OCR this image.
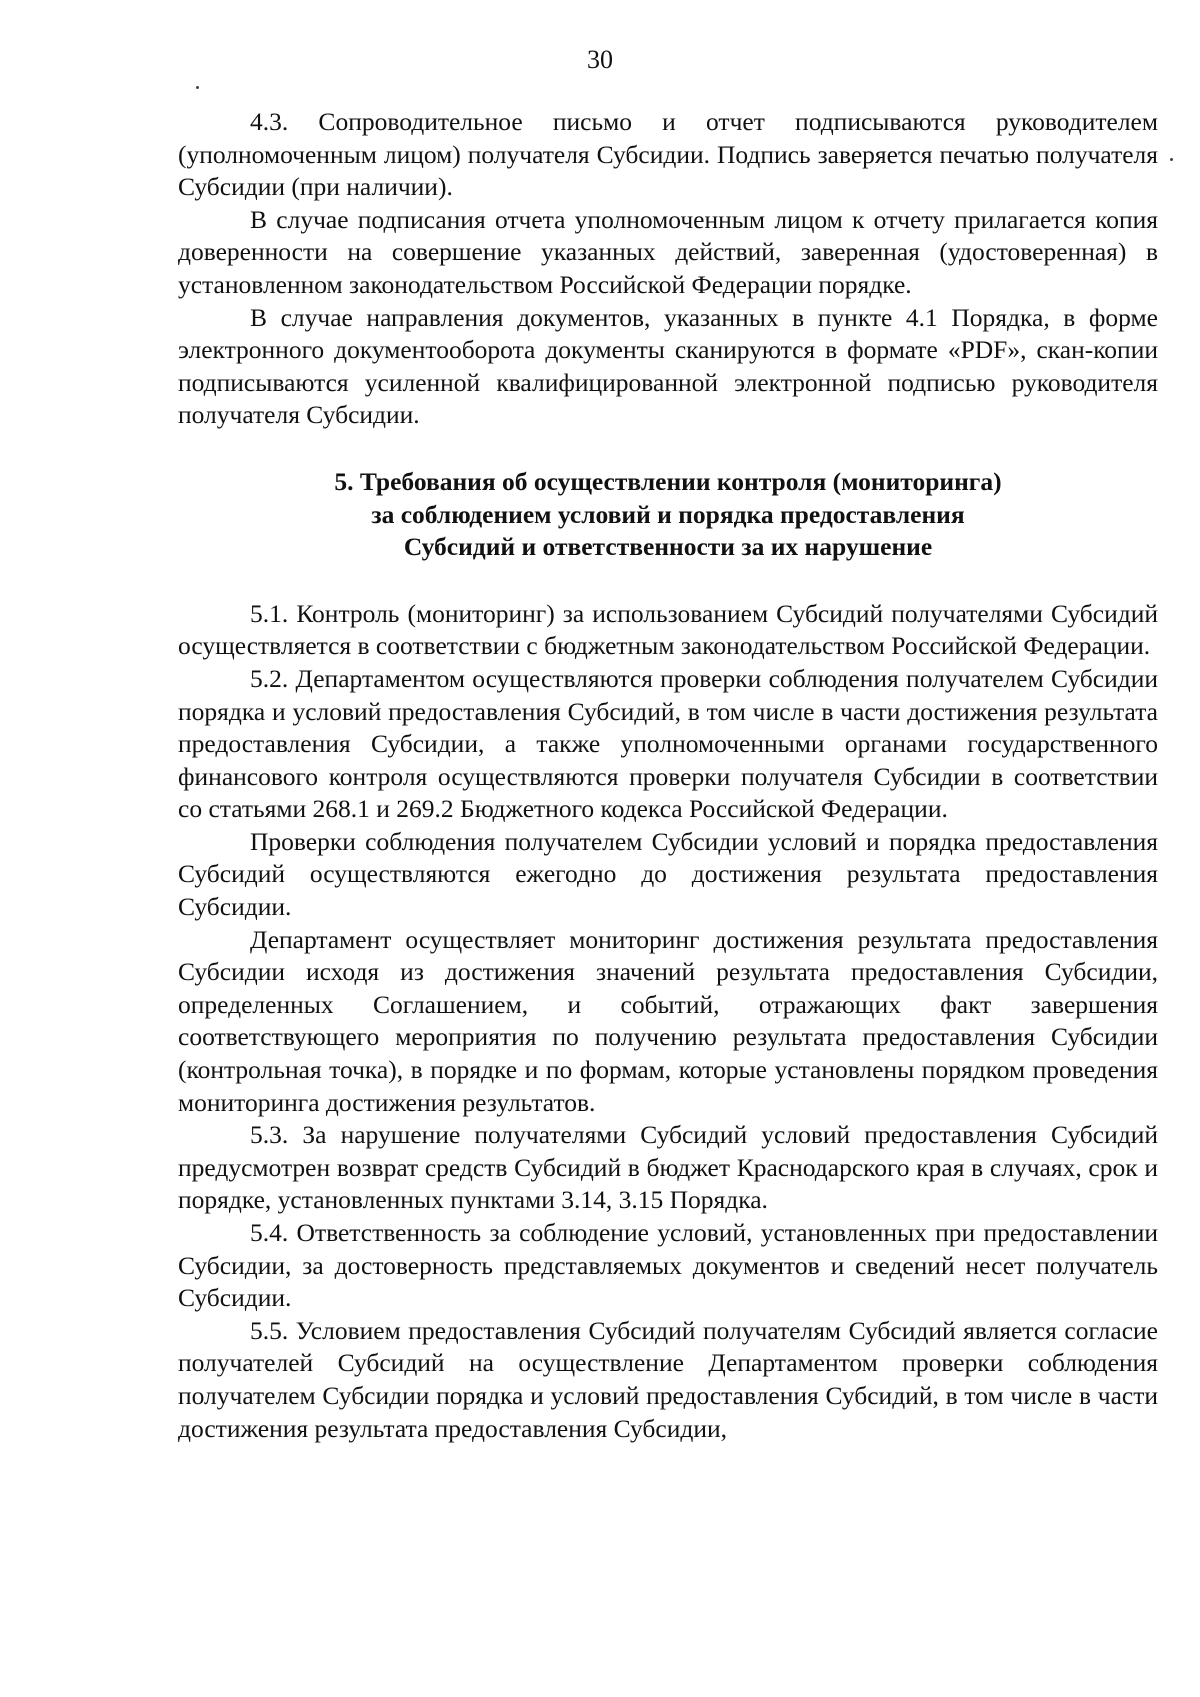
30

4.3. Сопроводительное письмо и отчет подписываются руководителем (уполномоченным лицом) получателя Субсидии. Подпись заверяется печатью получателя Субсидии (при наличии).

В случае подписания отчета уполномоченным лицом к отчету прилагается копия доверенности на совершение указанных действий, заверенная (удостоверенная) в установленном законодательством Российской Федерации порядке.

В случае направления документов, указанных в пункте 4.1 Порядка, в форме электронного документооборота документы сканируются в формате «PDF», скан-копии подписываются усиленной квалифицированной электронной подписью руководителя получателя Субсидии.

5. Требования об осуществлении контроля (мониторинга)
за соблюдением условий и порядка предоставления
Субсидий и ответственности за их нарушение

5.1. Контроль (мониторинг) за использованием Субсидий получателями Субсидий осуществляется в соответствии с бюджетным законодательством Российской Федерации.

5.2. Департаментом осуществляются проверки соблюдения получателем Субсидии порядка и условий предоставления Субсидий, в том числе в части достижения результата предоставления Субсидии, а также уполномоченными органами государственного финансового контроля осуществляются проверки получателя Субсидии в соответствии со статьями 268.1 и 269.2 Бюджетного кодекса Российской Федерации.

Проверки соблюдения получателем Субсидии условий и порядка предоставления Субсидий осуществляются ежегодно до достижения результата предоставления Субсидии.

Департамент осуществляет мониторинг достижения результата предоставления Субсидии исходя из достижения значений результата предоставления Субсидии, определенных Соглашением, и событий, отражающих факт завершения соответствующего мероприятия по получению результата предоставления Субсидии (контрольная точка), в порядке и по формам, которые установлены порядком проведения мониторинга достижения результатов.

5.3. За нарушение получателями Субсидий условий предоставления Субсидий предусмотрен возврат средств Субсидий в бюджет Краснодарского края в случаях, срок и порядке, установленных пунктами 3.14, 3.15 Порядка.

5.4. Ответственность за соблюдение условий, установленных при предоставлении Субсидии, за достоверность представляемых документов и сведений несет получатель Субсидии.

5.5. Условием предоставления Субсидий получателям Субсидий является согласие получателей Субсидий на осуществление Департаментом проверки соблюдения получателем Субсидии порядка и условий предоставления Субсидий, в том числе в части достижения результата предоставления Субсидии,
